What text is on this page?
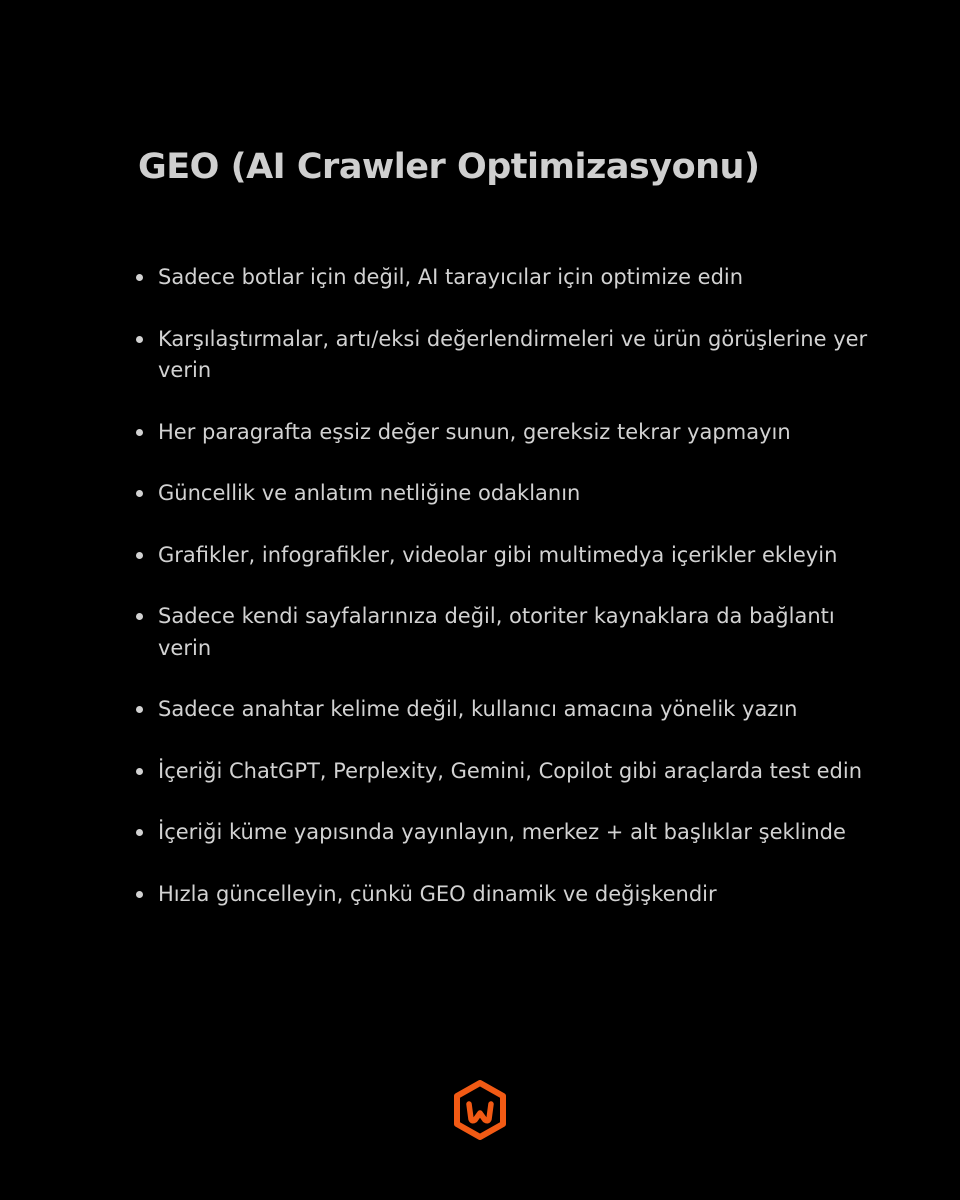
GEO (AI Crawler Optimizasyonu)
Sadece botlar için değil, AI tarayıcılar için optimize edin
Karşılaştırmalar, artı/eksi değerlendirmeleri ve ürün görüşlerine yer verin
Her paragrafta eşsiz değer sunun, gereksiz tekrar yapmayın
Güncellik ve anlatım netliğine odaklanın
Grafikler, infografikler, videolar gibi multimedya içerikler ekleyin
Sadece kendi sayfalarınıza değil, otoriter kaynaklara da bağlantı verin
Sadece anahtar kelime değil, kullanıcı amacına yönelik yazın
İçeriği ChatGPT, Perplexity, Gemini, Copilot gibi araçlarda test edin
İçeriği küme yapısında yayınlayın, merkez + alt başlıklar şeklinde
Hızla güncelleyin, çünkü GEO dinamik ve değişkendir
